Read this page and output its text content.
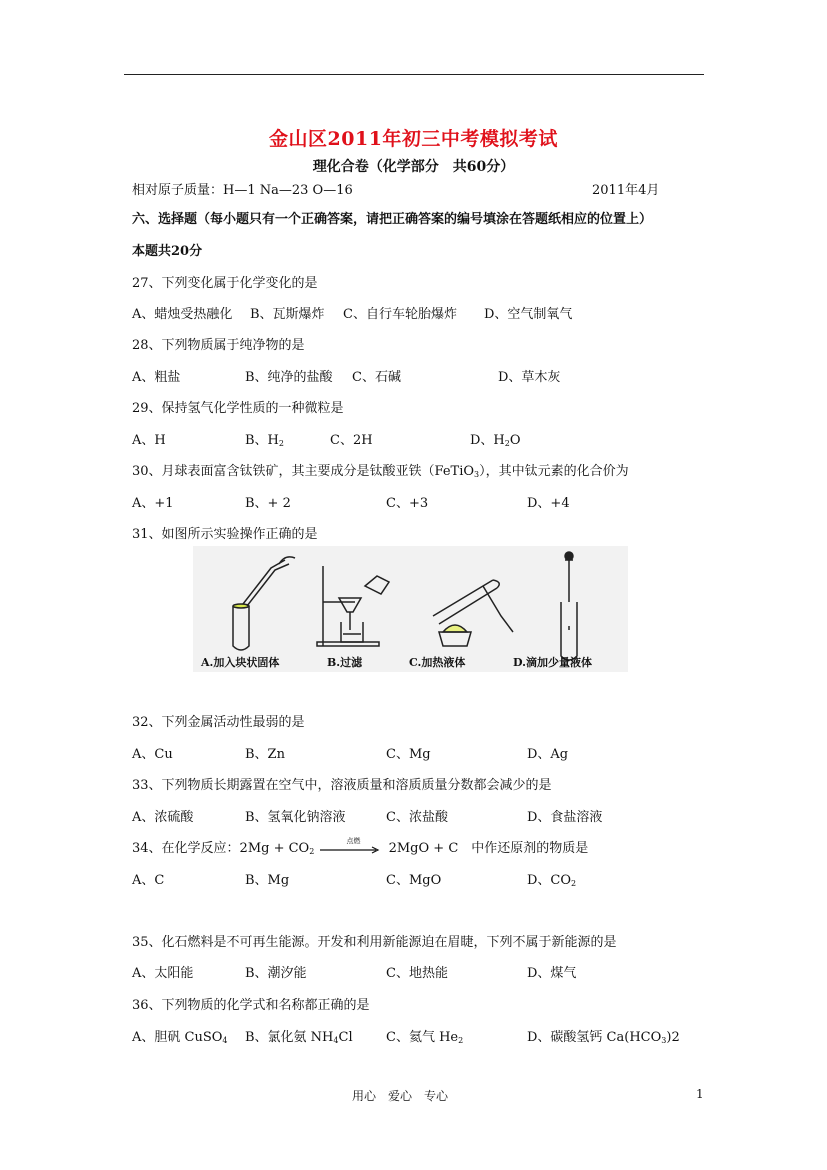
金山区2011年初三中考模拟考试
理化合卷（化学部分　共60分）
相对原子质量：H—1 Na—23 O—16	2011年4月
六、选择题（每小题只有一个正确答案，请把正确答案的编号填涂在答题纸相应的位置上）
本题共20分
27、下列变化属于化学变化的是
A、蜡烛受热融化 B、瓦斯爆炸 C、自行车轮胎爆炸 D、空气制氧气
28、下列物质属于纯净物的是
A、粗盐	B、纯净的盐酸 C、石碱	D、草木灰
29、保持氢气化学性质的一种微粒是
A、H	B、$H_2$	C、2H	D、$H_2O$
30、月球表面富含钛铁矿，其主要成分是钛酸亚铁（FeTiO$_3$），其中钛元素的化合价为
A、+1	B、+ 2	C、+3	D、+4
31、如图所示实验操作正确的是
A.加入块状固体	B.过滤	C.加热液体	D.滴加少量液体
32、下列金属活动性最弱的是
A、Cu	B、Zn	C、Mg	D、Ag
33、下列物质长期露置在空气中，溶液质量和溶质质量分数都会减少的是
A、浓硫酸	B、氢氧化钠溶液	C、浓盐酸	D、食盐溶液
34、在化学反应：$2Mg + CO_2$
点燃 2MgO + C　中作还原剂的物质是
A、C	B、Mg	C、MgO	D、$CO_2$
35、化石燃料是不可再生能源。开发和利用新能源迫在眉睫，下列不属于新能源的是
A、太阳能	B、潮汐能	C、地热能	D、煤气
36、下列物质的化学式和名称都正确的是
A、胆矾 CuSO$_4$ B、氯化氨 $NH_4Cl$	C、氦气 $He_2$	D、碳酸氢钙 $Ca(HCO_3)2$
用心　爱心　专心	1
